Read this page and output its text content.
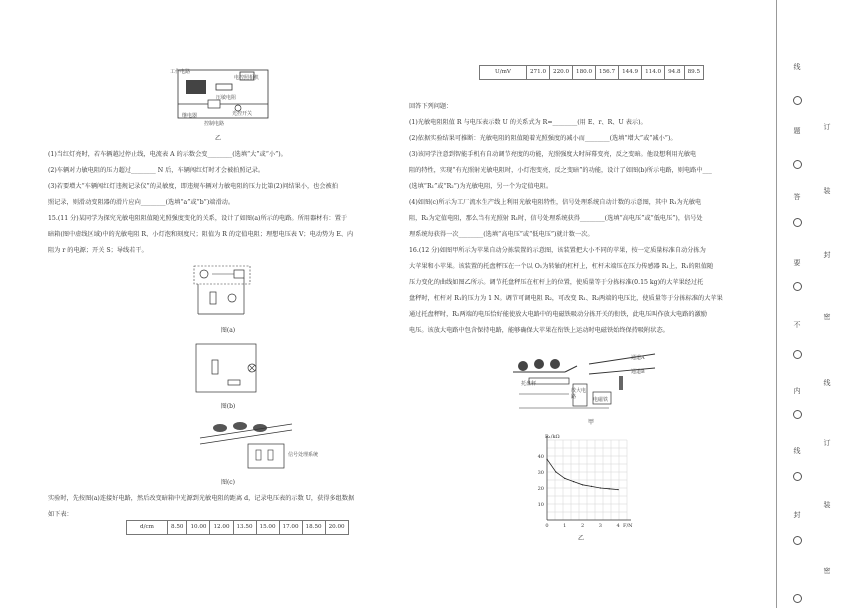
工作电路
电控照相机
压敏电阻
继电器	光控开关
控制电路
乙

(1)当红灯亮时，若车辆越过停止线，电流表 A 的示数会变________(选填“大”或“小”)。

(2)车辆对力敏电阻的压力超过________ N 后，车辆闯红灯时才会被拍照记录。

(3)若要增大“车辆闯红灯违规记录仪”的灵敏度，即违规车辆对力敏电阻的压力比第(2)问结果小，也会被拍

照记录，则滑动变阻器的滑片应向________(选填“a”或“b”)端滑动。

15.(11 分)某同学为探究光敏电阻阻值随光照强度变化的关系，设计了如图(a)所示的电路。所用器材有：置于

暗箱(图中虚线区域)中的光敏电阻 R、小灯泡和刻度尺；阻值为 R 的定值电阻；理想电压表 V；电动势为 E、内

阻为 r 的电源；开关 S；导线若干。

图(a)
图(b)
信号处理系统
图(c)

实验时，先按图(a)连接好电路，然后改变暗箱中光源到光敏电阻的距离 d，记录电压表的示数 U，获得多组数据

如下表：

d/cm	8.50	10.00	12.00	13.50	15.00	17.00	18.50	20.00
U/mV	271.0	220.0	180.0	156.7	144.9	114.0	94.8	89.5

回答下列问题：

(1)光敏电阻阻值 R 与电压表示数 U 的关系式为 R=________(用 E、r、R、U 表示)。

(2)依据实验结果可推断：光敏电阻的阻值随着光照强度的减小而________(选填“增大”或“减小”)。

(3)该同学注意到智能手机有自动调节亮度的功能，光照强度大时屏幕变亮，反之变暗。他设想利用光敏电

阻的特性，实现“有光照射光敏电阻时，小灯泡变亮，反之变暗”的功能，设计了如图(b)所示电路，则电路中___

(选填“R₁”或“R₂”)为光敏电阻，另一个为定值电阻。

(4)如图(c)所示为工厂流水生产线上利用光敏电阻特性，信号处理系统自动计数的示意图，其中 R₁为光敏电

阻，R₂为定值电阻，那么当有光照射 R₁时，信号处理系统获得________(选填“高电压”或“低电压”)，信号处

理系统每获得一次________(选填“高电压”或“低电压”)就计数一次。

16.(12 分)如图甲所示为苹果自动分拣装置的示意图，该装置把大小不同的苹果，按一定质量标准自动分拣为

大苹果和小苹果。该装置的托盘秤压在一个以 O₁为转轴的杠杆上，杠杆末端压在压力传感器 R₁上，R₁的阻值随

压力变化的曲线如图乙所示。调节托盘秤压在杠杆上的位置，使质量等于分拣标准(0.15 kg)的大苹果经过托

盘秤时，杠杆对 R₁的压力为 1 N。调节可调电阻 R₂，可改变 R₁、R₂两端的电压比，使质量等于分拣标准的大苹果

通过托盘秤时，R₂两端的电压恰好能使放大电路中的电磁铁吸动分拣开关的衔铁，此电压叫作放大电路的激励

电压。该放大电路中包含保持电路，能够确保大苹果在衔铁上运动时电磁铁始终保持吸附状态。

通道A
通道B
托盘秤
放大电路	电磁铁
甲
10
20
30
40
0	1	2	3	4
R₁/kΩ
F/N
乙
线
订
题
装
答
封
要
密
不
线
内
订
线
装
封
密
